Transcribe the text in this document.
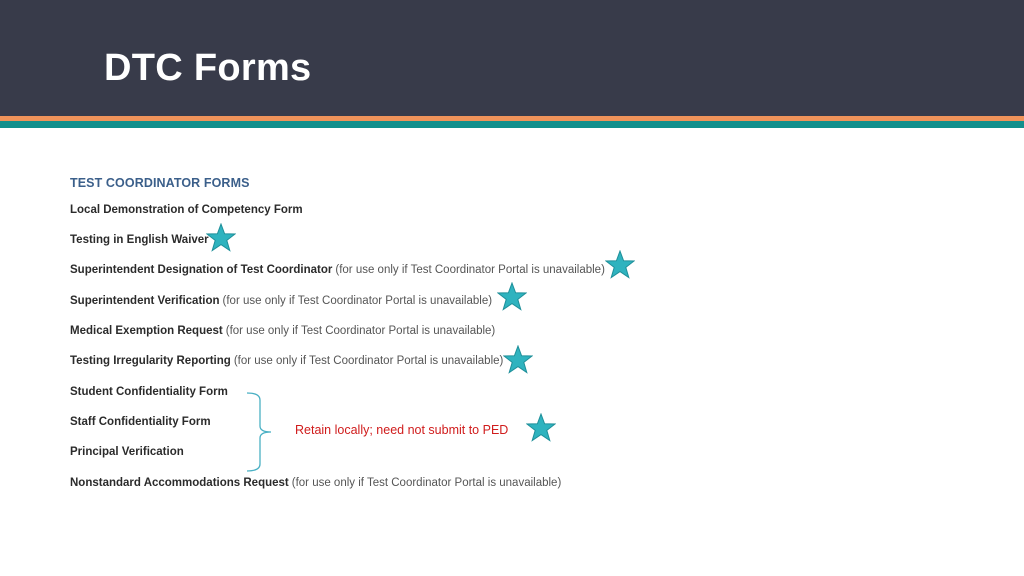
DTC Forms
TEST COORDINATOR FORMS
Local Demonstration of Competency Form
Testing in English Waiver
Superintendent Designation of Test Coordinator (for use only if Test Coordinator Portal is unavailable)
Superintendent Verification (for use only if Test Coordinator Portal is unavailable)
Medical Exemption Request (for use only if Test Coordinator Portal is unavailable)
Testing Irregularity Reporting (for use only if Test Coordinator Portal is unavailable)
Student Confidentiality Form
Staff Confidentiality Form
Principal Verification
Nonstandard Accommodations Request (for use only if Test Coordinator Portal is unavailable)
Retain locally; need not submit to PED
